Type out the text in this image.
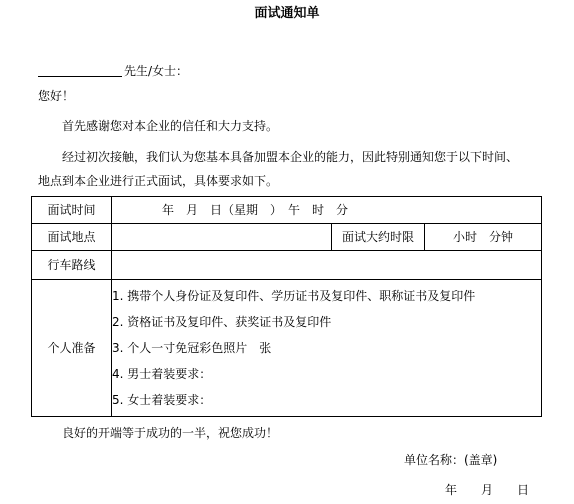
面试通知单
先生/女士：
您好！
首先感谢您对本企业的信任和大力支持。
经过初次接触，我们认为您基本具备加盟本企业的能力，因此特别通知您于以下时间、
地点到本企业进行正式面试，具体要求如下。
面试时间	年　月　日（星期　）　午　时　分		
面试地点		面试大约时限	小时　分钟
行车路线			
个人准备	1. 携带个人身份证及复印件、学历证书及复印件、职称证书及复印件
2. 资格证书及复印件、获奖证书及复印件
3. 个人一寸免冠彩色照片　张
4. 男士着装要求：
5. 女士着装要求：		
良好的开端等于成功的一半，祝您成功！
单位名称：(盖章)
年　　月　　日
